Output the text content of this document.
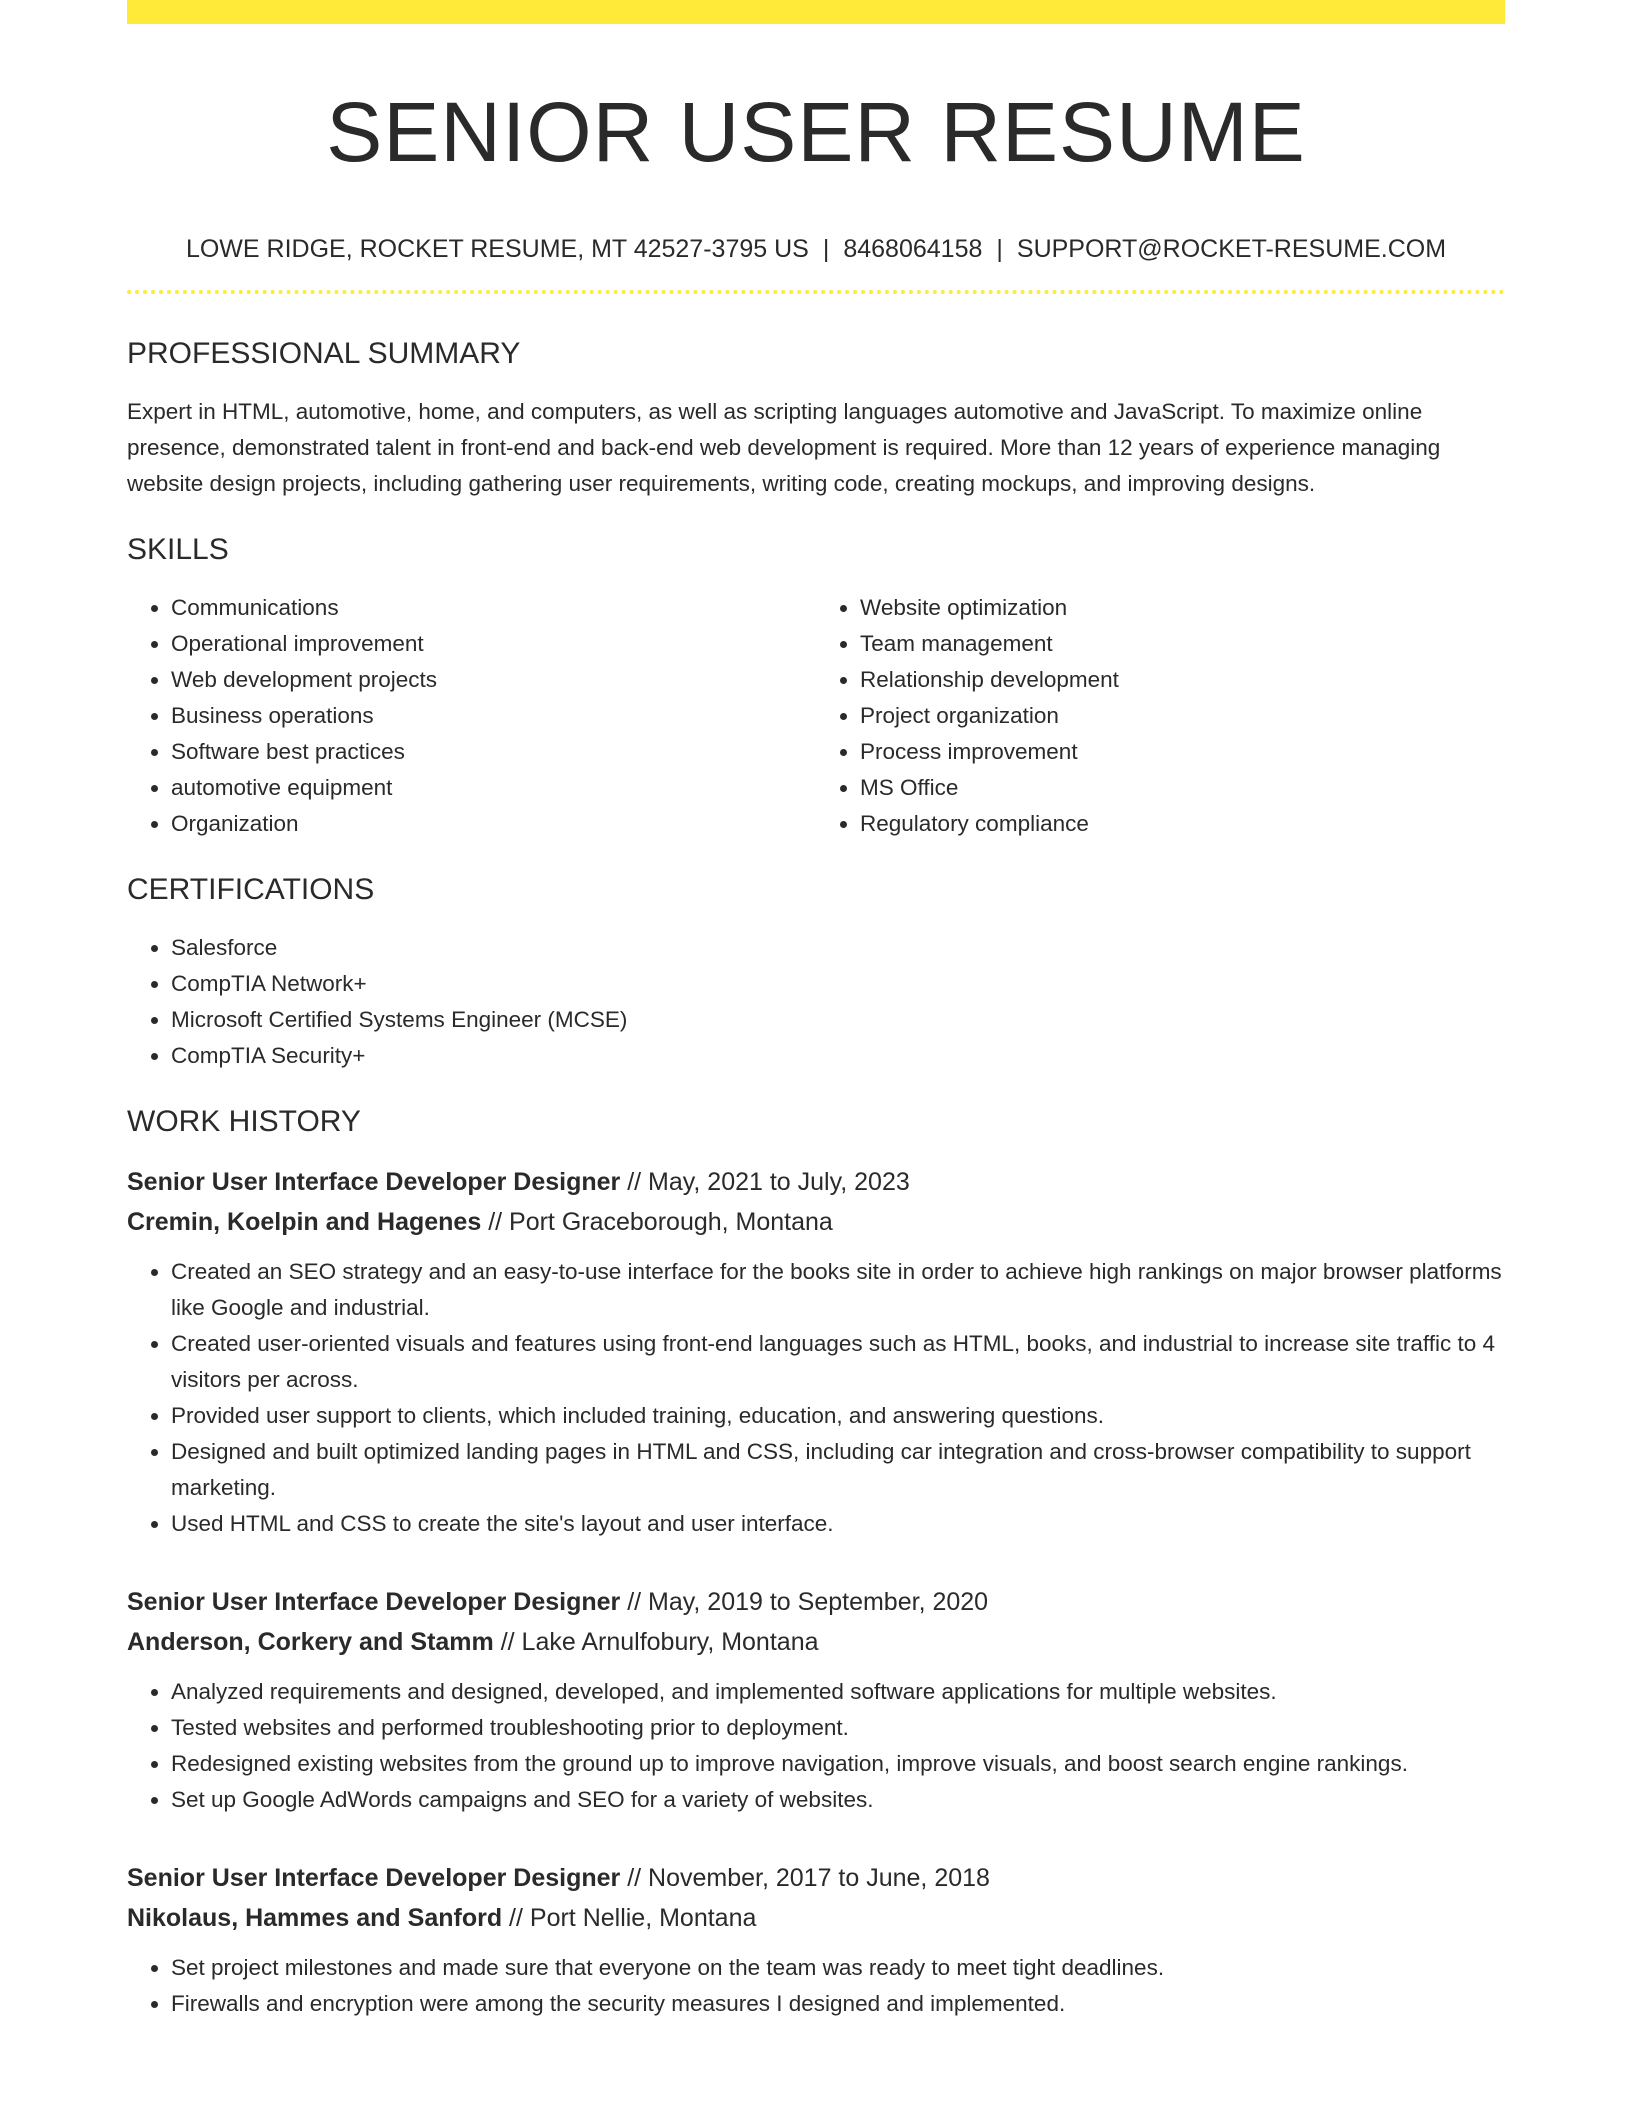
SENIOR USER RESUME
LOWE RIDGE, ROCKET RESUME, MT 42527-3795 US | 8468064158 | SUPPORT@ROCKET-RESUME.COM
PROFESSIONAL SUMMARY
Expert in HTML, automotive, home, and computers, as well as scripting languages automotive and JavaScript. To maximize online presence, demonstrated talent in front-end and back-end web development is required. More than 12 years of experience managing website design projects, including gathering user requirements, writing code, creating mockups, and improving designs.
SKILLS
• Communications
• Operational improvement
• Web development projects
• Business operations
• Software best practices
• automotive equipment
• Organization
• Website optimization
• Team management
• Relationship development
• Project organization
• Process improvement
• MS Office
• Regulatory compliance
CERTIFICATIONS
• Salesforce
• CompTIA Network+
• Microsoft Certified Systems Engineer (MCSE)
• CompTIA Security+
WORK HISTORY
Senior User Interface Developer Designer // May, 2021 to July, 2023
Cremin, Koelpin and Hagenes // Port Graceborough, Montana
• Created an SEO strategy and an easy-to-use interface for the books site in order to achieve high rankings on major browser platforms like Google and industrial.
• Created user-oriented visuals and features using front-end languages such as HTML, books, and industrial to increase site traffic to 4 visitors per across.
• Provided user support to clients, which included training, education, and answering questions.
• Designed and built optimized landing pages in HTML and CSS, including car integration and cross-browser compatibility to support marketing.
• Used HTML and CSS to create the site's layout and user interface.
Senior User Interface Developer Designer // May, 2019 to September, 2020
Anderson, Corkery and Stamm // Lake Arnulfobury, Montana
• Analyzed requirements and designed, developed, and implemented software applications for multiple websites.
• Tested websites and performed troubleshooting prior to deployment.
• Redesigned existing websites from the ground up to improve navigation, improve visuals, and boost search engine rankings.
• Set up Google AdWords campaigns and SEO for a variety of websites.
Senior User Interface Developer Designer // November, 2017 to June, 2018
Nikolaus, Hammes and Sanford // Port Nellie, Montana
• Set project milestones and made sure that everyone on the team was ready to meet tight deadlines.
• Firewalls and encryption were among the security measures I designed and implemented.
